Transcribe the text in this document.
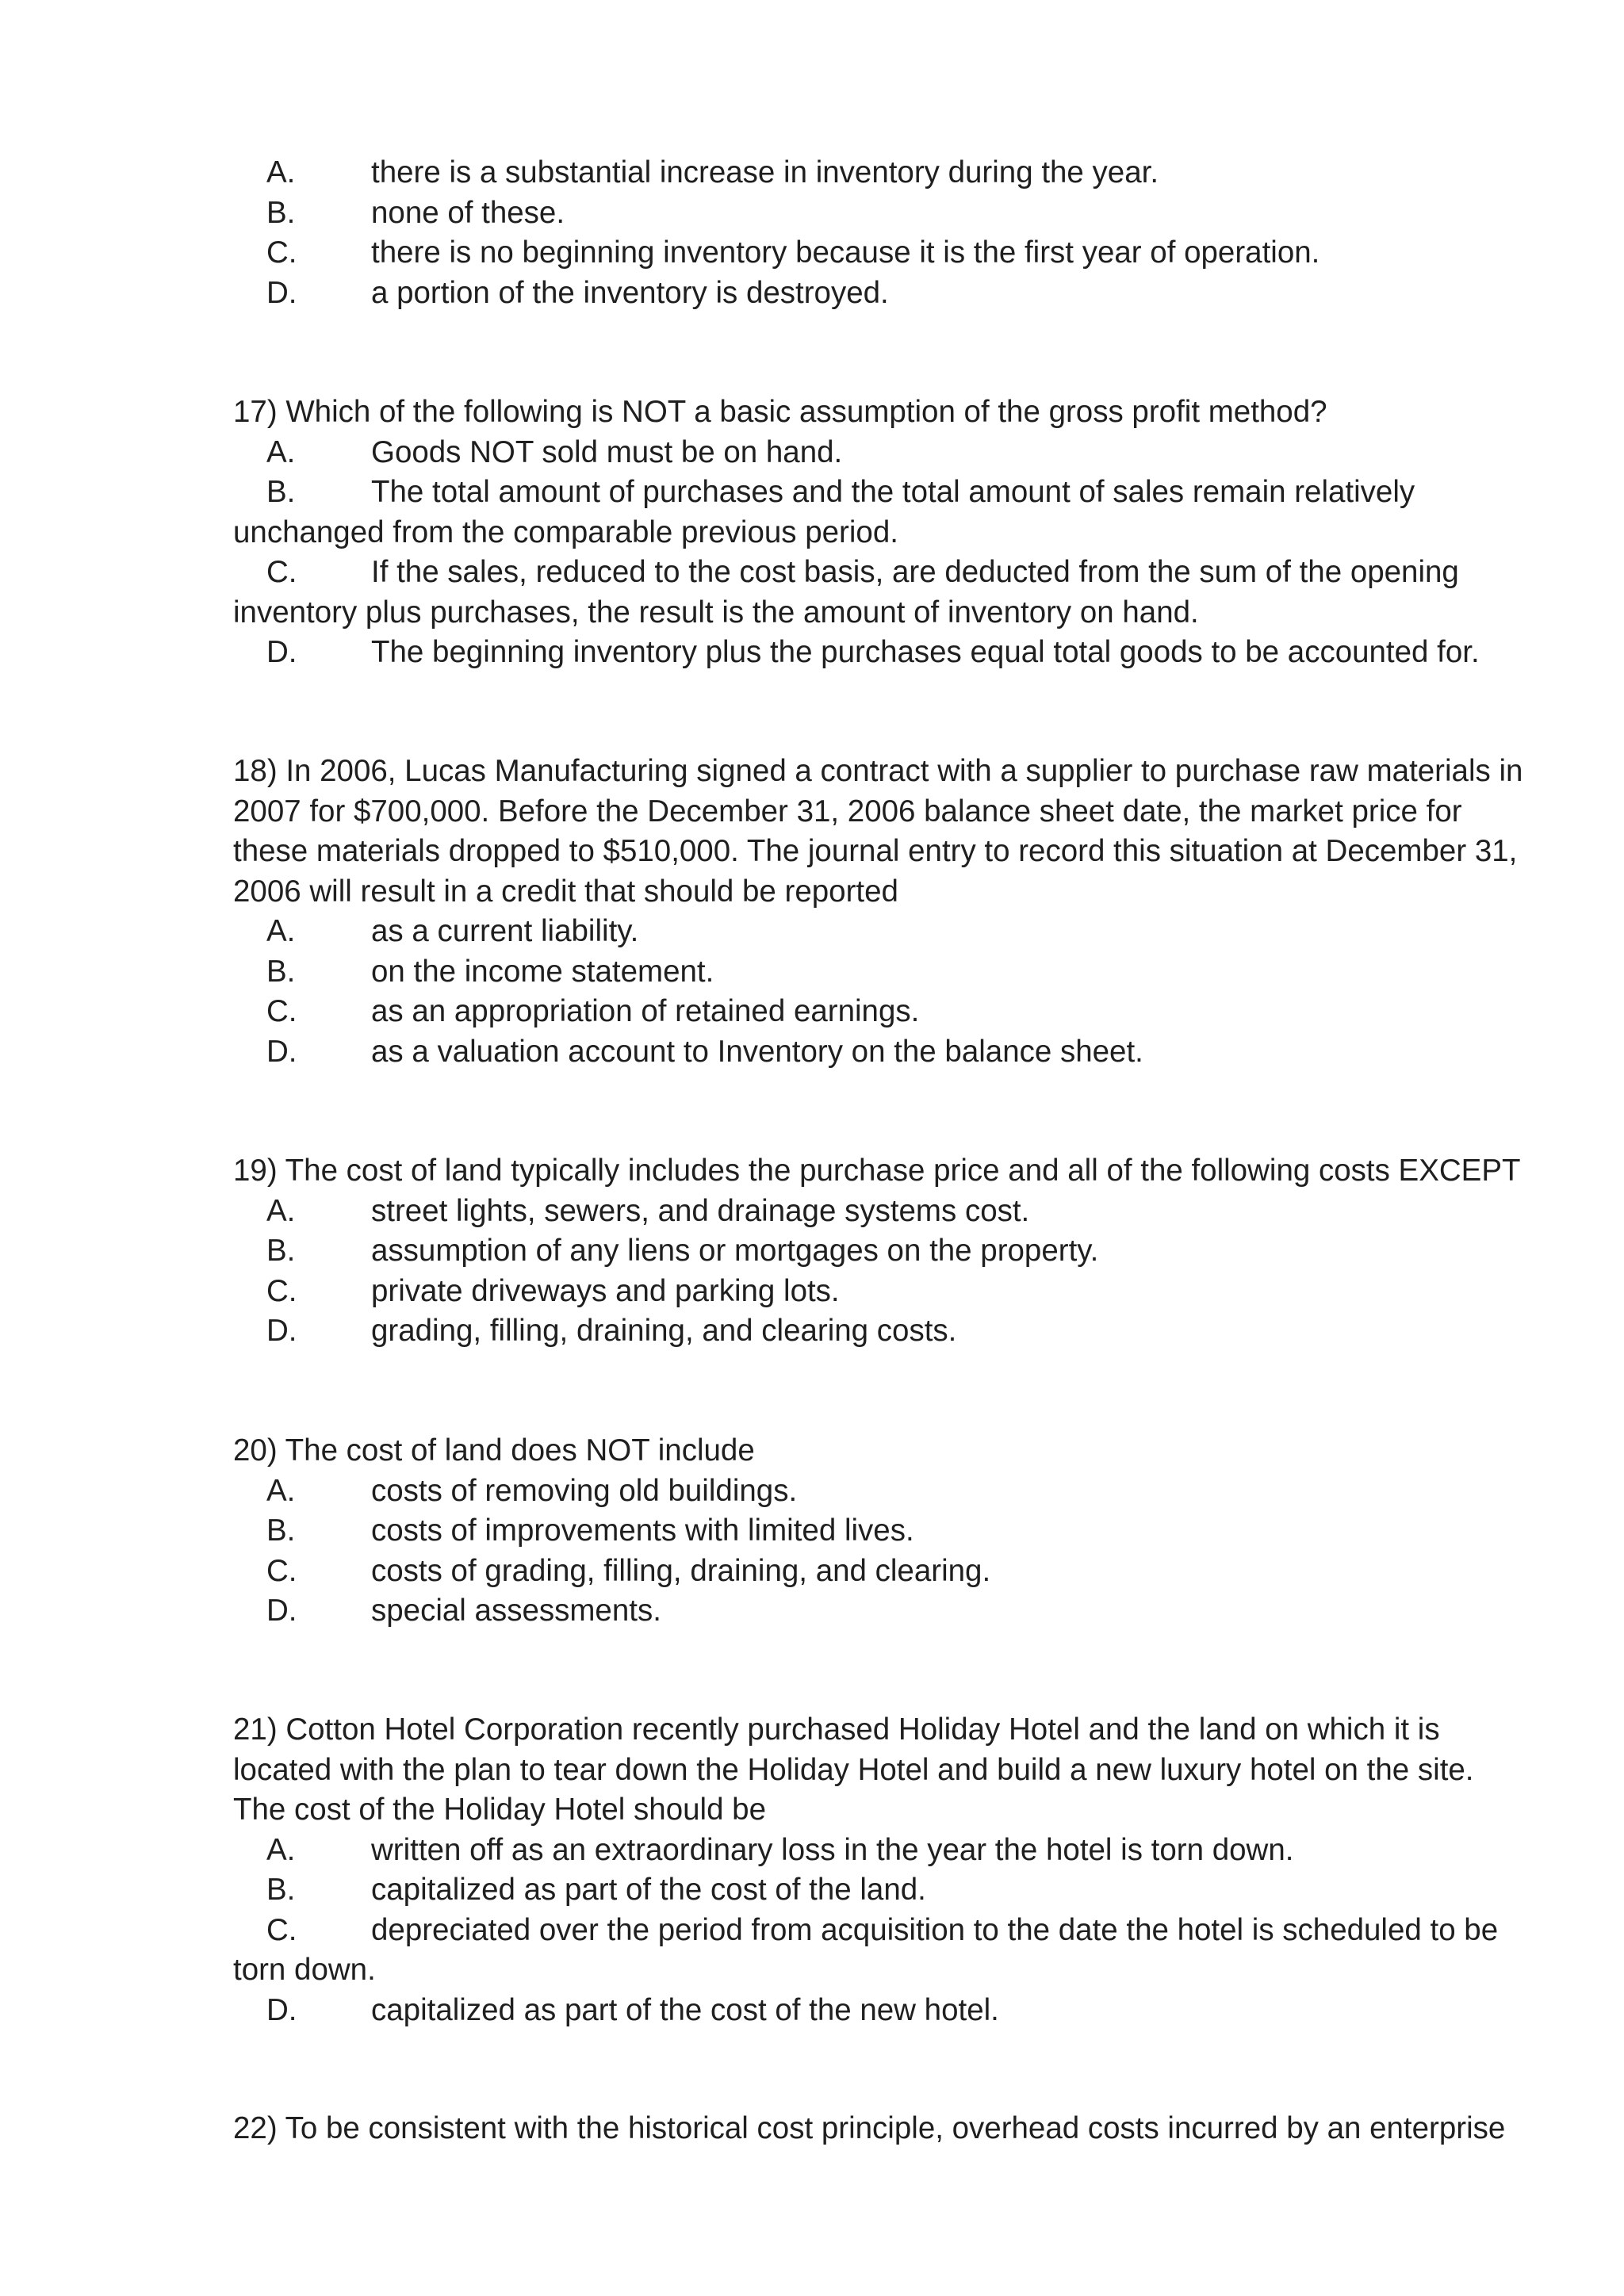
A. there is a substantial increase in inventory during the year.
B. none of these.
C. there is no beginning inventory because it is the first year of operation.
D. a portion of the inventory is destroyed.
17) Which of the following is NOT a basic assumption of the gross profit method?
A. Goods NOT sold must be on hand.
B. The total amount of purchases and the total amount of sales remain relatively
unchanged from the comparable previous period.
C. If the sales, reduced to the cost basis, are deducted from the sum of the opening
inventory plus purchases, the result is the amount of inventory on hand.
D. The beginning inventory plus the purchases equal total goods to be accounted for.
18) In 2006, Lucas Manufacturing signed a contract with a supplier to purchase raw materials in
2007 for $700,000. Before the December 31, 2006 balance sheet date, the market price for
these materials dropped to $510,000. The journal entry to record this situation at December 31,
2006 will result in a credit that should be reported
A. as a current liability.
B. on the income statement.
C. as an appropriation of retained earnings.
D. as a valuation account to Inventory on the balance sheet.
19) The cost of land typically includes the purchase price and all of the following costs EXCEPT
A. street lights, sewers, and drainage systems cost.
B. assumption of any liens or mortgages on the property.
C. private driveways and parking lots.
D. grading, filling, draining, and clearing costs.
20) The cost of land does NOT include
A. costs of removing old buildings.
B. costs of improvements with limited lives.
C. costs of grading, filling, draining, and clearing.
D. special assessments.
21) Cotton Hotel Corporation recently purchased Holiday Hotel and the land on which it is
located with the plan to tear down the Holiday Hotel and build a new luxury hotel on the site.
The cost of the Holiday Hotel should be
A. written off as an extraordinary loss in the year the hotel is torn down.
B. capitalized as part of the cost of the land.
C. depreciated over the period from acquisition to the date the hotel is scheduled to be
torn down.
D. capitalized as part of the cost of the new hotel.
22) To be consistent with the historical cost principle, overhead costs incurred by an enterprise
